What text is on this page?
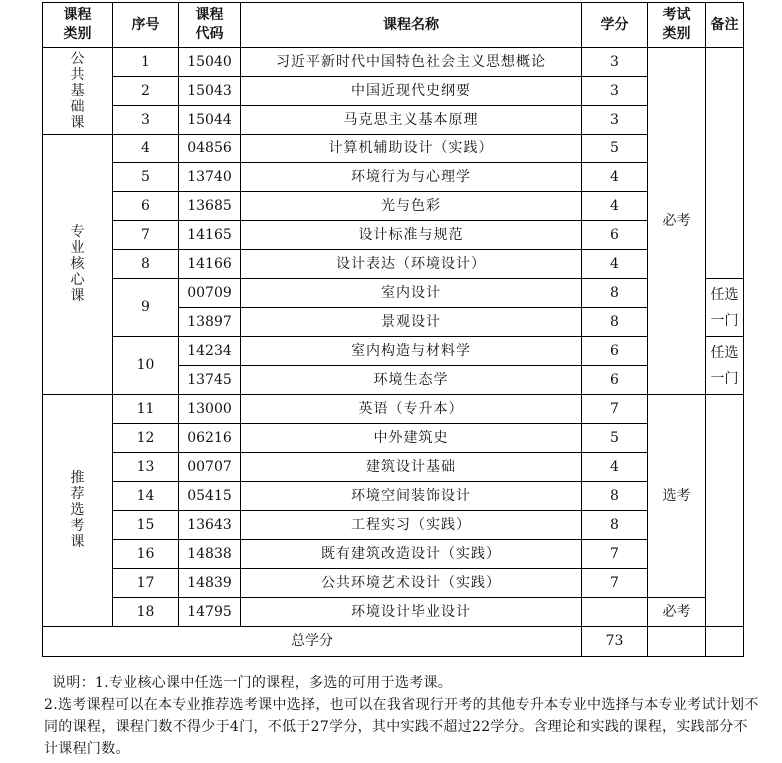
课程类别	序号	课程代码	课程名称	学分	考试类别	备注
公共基础课	1	15040	习近平新时代中国特色社会主义思想概论	3	必考	
	2	15043	中国近现代史纲要	3		
	3	15044	马克思主义基本原理	3		
专业核心课	4	04856	计算机辅助设计（实践）	5		
	5	13740	环境行为与心理学	4		
	6	13685	光与色彩	4		
	7	14165	设计标准与规范	6		
	8	14166	设计表达（环境设计）	4		
	9	00709	室内设计	8		任选一门
		13897	景观设计	8		
	10	14234	室内构造与材料学	6		任选一门
		13745	环境生态学	6		
推荐选考课	11	13000	英语（专升本）	7	选考	
	12	06216	中外建筑史	5		
	13	00707	建筑设计基础	4		
	14	05415	环境空间装饰设计	8		
	15	13643	工程实习（实践）	8		
	16	14838	既有建筑改造设计（实践）	7		
	17	14839	公共环境艺术设计（实践）	7		
	18	14795	环境设计毕业设计		必考	
总学分				73		

说明：1.专业核心课中任选一门的课程，多选的可用于选考课。

2.选考课程可以在本专业推荐选考课中选择，也可以在我省现行开考的其他专升本专业中选择与本专业考试计划不同的课程，课程门数不得少于4门，不低于27学分，其中实践不超过22学分。含理论和实践的课程，实践部分不计课程门数。
